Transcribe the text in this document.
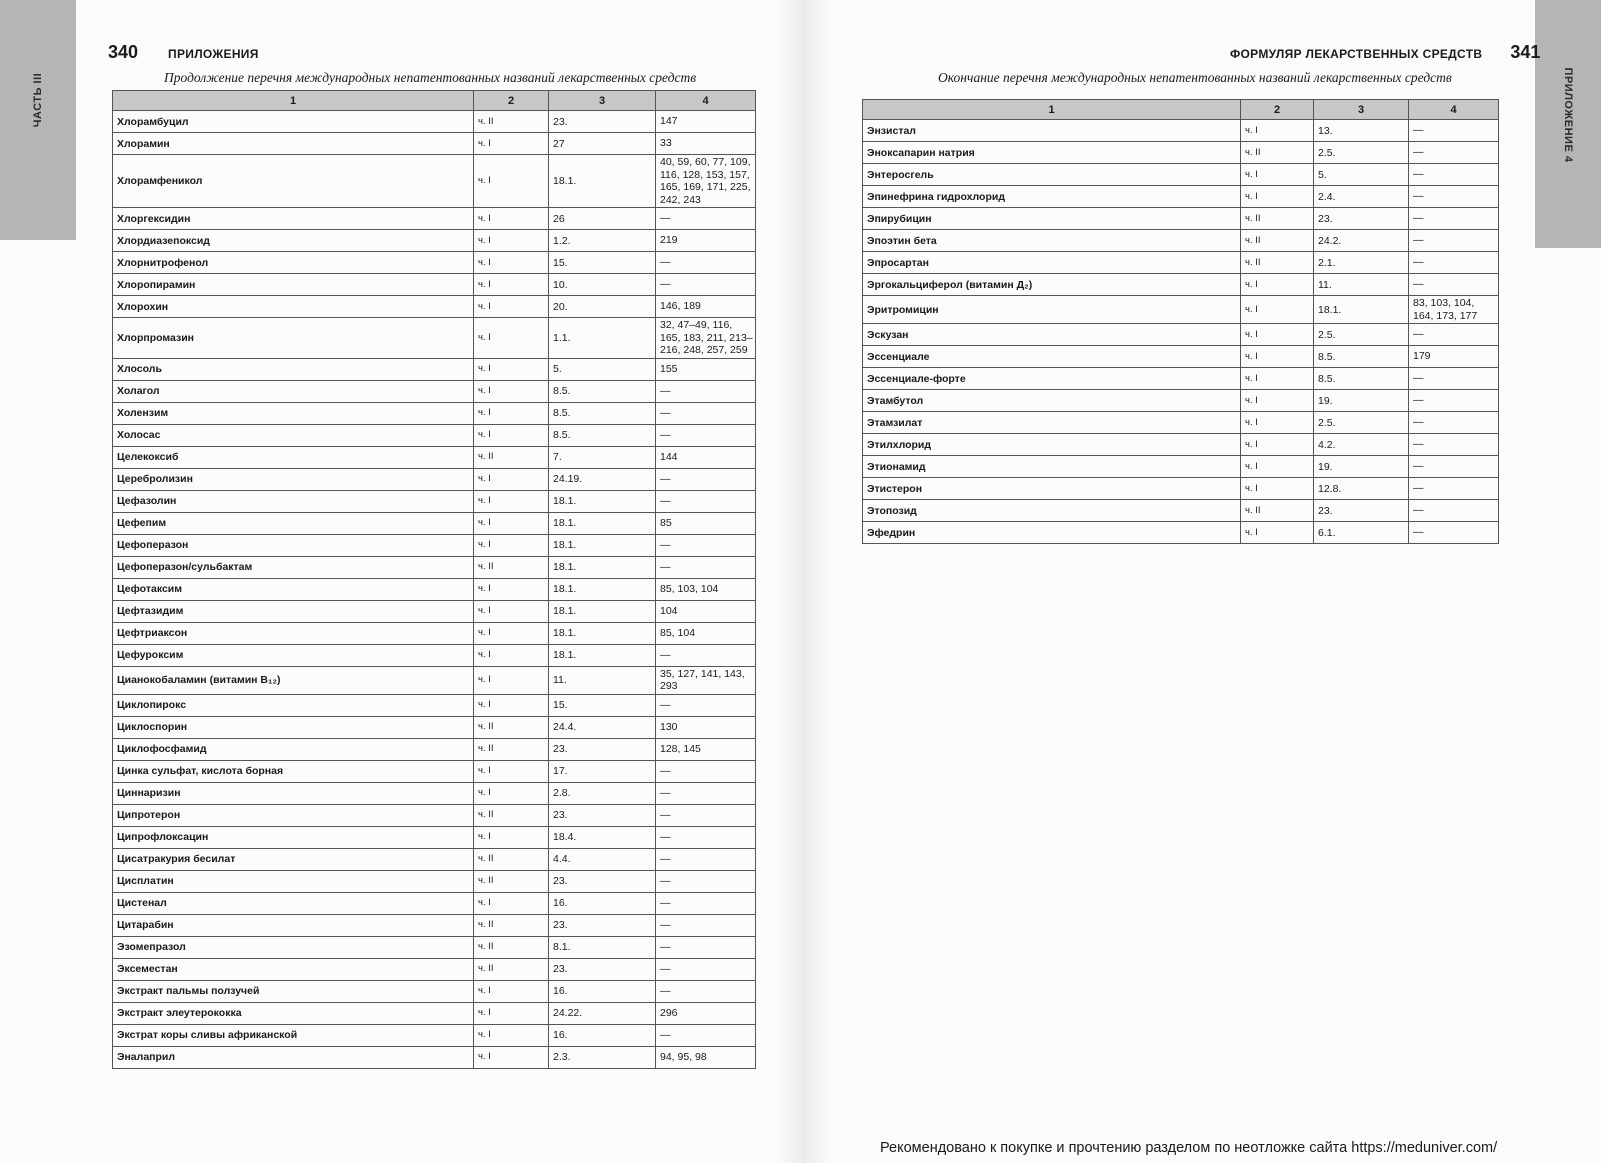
ЧАСТЬ III
340	ПРИЛОЖЕНИЯ
Продолжение перечня международных непатентованных названий лекарственных средств
1	2	3	4
Хлорамбуцил	ч. II	23.	147
Хлорамин	ч. I	27	33
Хлорамфеникол	ч. I	18.1.	40, 59, 60, 77, 109, 116, 128, 153, 157, 165, 169, 171, 225, 242, 243
Хлоргексидин	ч. I	26	—
Хлордиазепоксид	ч. I	1.2.	219
Хлорнитрофенол	ч. I	15.	—
Хлоропирамин	ч. I	10.	—
Хлорохин	ч. I	20.	146, 189
Хлорпромазин	ч. I	1.1.	32, 47–49, 116, 165, 183, 211, 213–216, 248, 257, 259
Хлосоль	ч. I	5.	155
Холагол	ч. I	8.5.	—
Холензим	ч. I	8.5.	—
Холосас	ч. I	8.5.	—
Целекоксиб	ч. II	7.	144
Церебролизин	ч. I	24.19.	—
Цефазолин	ч. I	18.1.	—
Цефепим	ч. I	18.1.	85
Цефоперазон	ч. I	18.1.	—
Цефоперазон/сульбактам	ч. II	18.1.	—
Цефотаксим	ч. I	18.1.	85, 103, 104
Цефтазидим	ч. I	18.1.	104
Цефтриаксон	ч. I	18.1.	85, 104
Цефуроксим	ч. I	18.1.	—
Цианокобаламин (витамин B₁₂)	ч. I	11.	35, 127, 141, 143, 293
Циклопирокс	ч. I	15.	—
Циклоспорин	ч. II	24.4.	130
Циклофосфамид	ч. II	23.	128, 145
Цинка сульфат, кислота борная	ч. I	17.	—
Циннаризин	ч. I	2.8.	—
Ципротерон	ч. II	23.	—
Ципрофлоксацин	ч. I	18.4.	—
Цисатракурия бесилат	ч. II	4.4.	—
Цисплатин	ч. II	23.	—
Цистенал	ч. I	16.	—
Цитарабин	ч. II	23.	—
Эзомепразол	ч. II	8.1.	—
Эксеместан	ч. II	23.	—
Экстракт пальмы ползучей	ч. I	16.	—
Экстракт элеутерококка	ч. I	24.22.	296
Экстрат коры сливы африканской	ч. I	16.	—
Эналаприл	ч. I	2.3.	94, 95, 98
ПРИЛОЖЕНИЕ 4
ФОРМУЛЯР ЛЕКАРСТВЕННЫХ СРЕДСТВ 341
Окончание перечня международных непатентованных названий лекарственных средств
1	2	3	4
Энзистал	ч. I	13.	—
Эноксапарин натрия	ч. II	2.5.	—
Энтеросгель	ч. I	5.	—
Эпинефрина гидрохлорид	ч. I	2.4.	—
Эпирубицин	ч. II	23.	—
Эпоэтин бета	ч. II	24.2.	—
Эпросартан	ч. II	2.1.	—
Эргокальциферол (витамин Д₂)	ч. I	11.	—
Эритромицин	ч. I	18.1.	83, 103, 104, 164, 173, 177
Эскузан	ч. I	2.5.	—
Эссенциале	ч. I	8.5.	179
Эссенциале-форте	ч. I	8.5.	—
Этамбутол	ч. I	19.	—
Этамзилат	ч. I	2.5.	—
Этилхлорид	ч. I	4.2.	—
Этионамид	ч. I	19.	—
Этистерон	ч. I	12.8.	—
Этопозид	ч. II	23.	—
Эфедрин	ч. I	6.1.	—
Рекомендовано к покупке и прочтению разделом по неотложке сайта https://meduniver.com/
